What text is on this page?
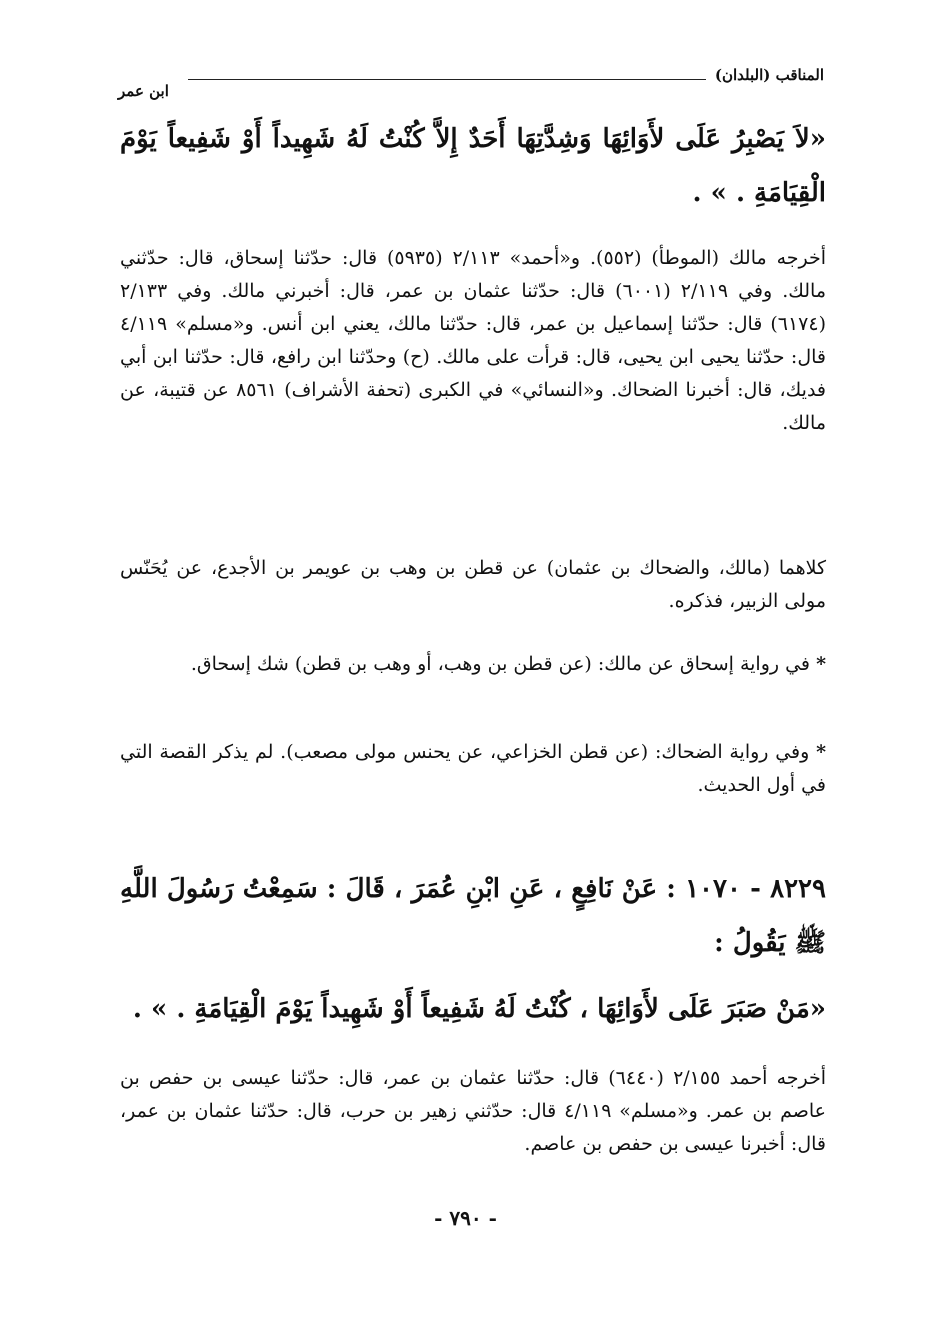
المناقب (البلدان)
ابن عمر
«لاَ يَصْبِرُ عَلَى لأَوَائِهَا وَشِدَّتِهَا أَحَدٌ إِلاَّ كُنْتُ لَهُ شَهِيداً أَوْ شَفِيعاً يَوْمَ الْقِيَامَةِ . » .

أخرجه مالك (الموطأ) (٥٥٢). و«أحمد» ٢/١١٣ (٥٩٣٥) قال: حدّثنا إسحاق، قال: حدّثني مالك. وفي ٢/١١٩ (٦٠٠١) قال: حدّثنا عثمان بن عمر، قال: أخبرني مالك. وفي ٢/١٣٣ (٦١٧٤) قال: حدّثنا إسماعيل بن عمر، قال: حدّثنا مالك، يعني ابن أنس. و«مسلم» ٤/١١٩ قال: حدّثنا يحيى ابن يحيى، قال: قرأت على مالك. (ح) وحدّثنا ابن رافع، قال: حدّثنا ابن أبي فديك، قال: أخبرنا الضحاك. و«النسائي» في الكبرى (تحفة الأشراف) ٨٥٦١ عن قتيبة، عن مالك.

كلاهما (مالك، والضحاك بن عثمان) عن قطن بن وهب بن عويمر بن الأجدع، عن يُحَنّس مولى الزبير، فذكره.

* في رواية إسحاق عن مالك: (عن قطن بن وهب، أو وهب بن قطن) شك إسحاق.

* وفي رواية الضحاك: (عن قطن الخزاعي، عن يحنس مولى مصعب). لم يذكر القصة التي في أول الحديث.

٨٢٢٩ - ١٠٧٠ : عَنْ نَافِعٍ ، عَنِ ابْنِ عُمَرَ ، قَالَ : سَمِعْتُ رَسُولَ اللَّهِ ﷺ يَقُولُ :
«مَنْ صَبَرَ عَلَى لأَوَائِهَا ، كُنْتُ لَهُ شَفِيعاً أَوْ شَهِيداً يَوْمَ الْقِيَامَةِ . » .

أخرجه أحمد ٢/١٥٥ (٦٤٤٠) قال: حدّثنا عثمان بن عمر، قال: حدّثنا عيسى بن حفص بن عاصم بن عمر. و«مسلم» ٤/١١٩ قال: حدّثني زهير بن حرب، قال: حدّثنا عثمان بن عمر، قال: أخبرنا عيسى بن حفص بن عاصم.

- ٧٩٠ -
